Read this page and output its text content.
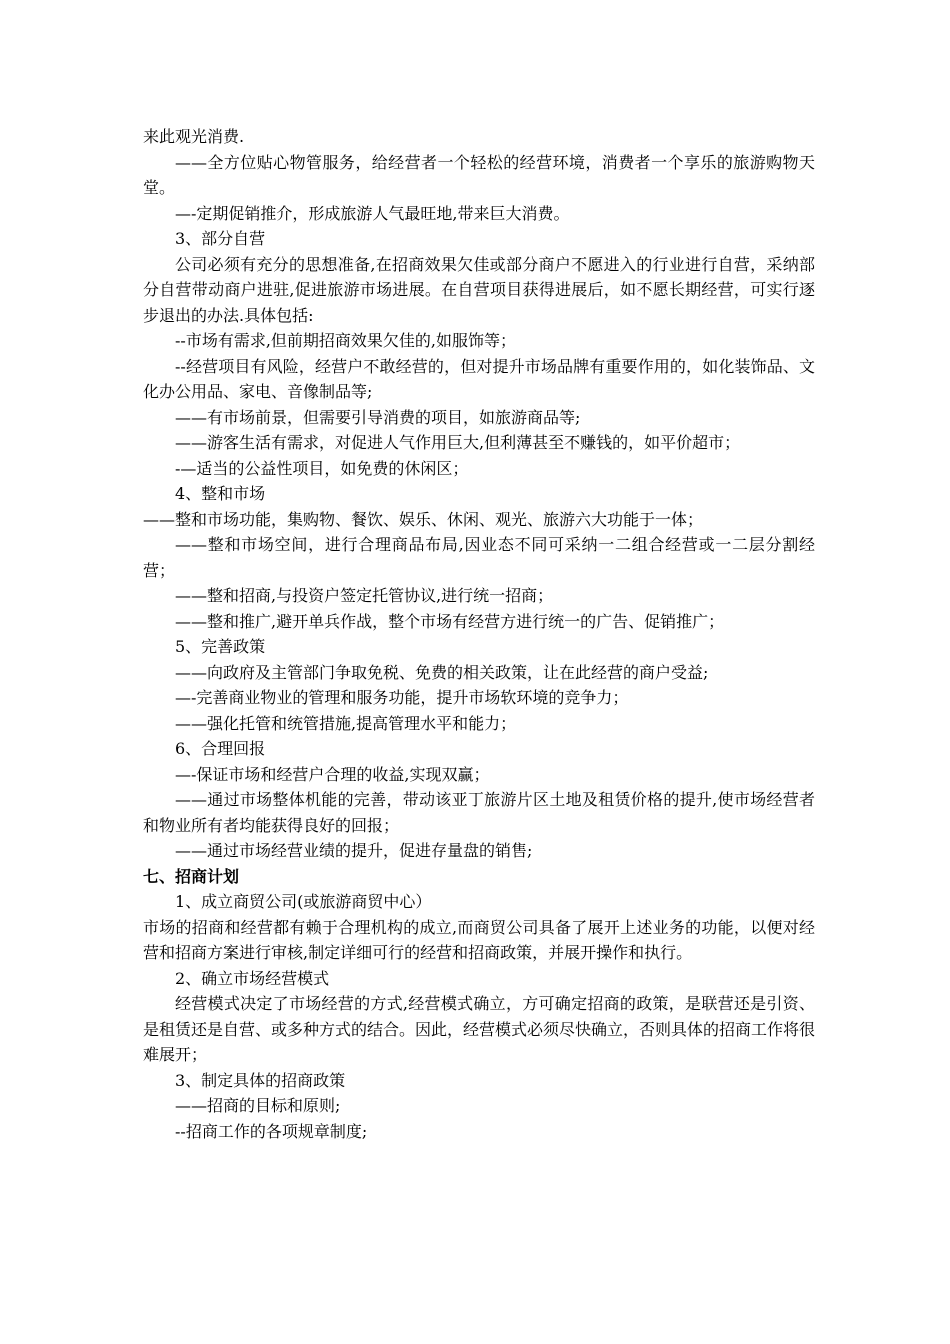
来此观光消费.

——全方位贴心物管服务，给经营者一个轻松的经营环境，消费者一个享乐的旅游购物天堂。

—-定期促销推介，形成旅游人气最旺地,带来巨大消费。

3、部分自营

公司必须有充分的思想准备,在招商效果欠佳或部分商户不愿进入的行业进行自营，采纳部分自营带动商户进驻,促进旅游市场进展。在自营项目获得进展后，如不愿长期经营，可实行逐步退出的办法.具体包括:

--市场有需求,但前期招商效果欠佳的,如服饰等；

--经营项目有风险，经营户不敢经营的，但对提升市场品牌有重要作用的，如化装饰品、文化办公用品、家电、音像制品等;

——有市场前景，但需要引导消费的项目，如旅游商品等;

——游客生活有需求，对促进人气作用巨大,但利薄甚至不赚钱的，如平价超市；

-—适当的公益性项目，如免费的休闲区；

4、整和市场

——整和市场功能，集购物、餐饮、娱乐、休闲、观光、旅游六大功能于一体；

——整和市场空间，进行合理商品布局,因业态不同可采纳一二组合经营或一二层分割经营；

——整和招商,与投资户签定托管协议,进行统一招商；

——整和推广,避开单兵作战，整个市场有经营方进行统一的广告、促销推广；

5、完善政策

——向政府及主管部门争取免税、免费的相关政策，让在此经营的商户受益;

—-完善商业物业的管理和服务功能，提升市场软环境的竞争力；

——强化托管和统管措施,提高管理水平和能力；

6、合理回报

—-保证市场和经营户合理的收益,实现双赢；

——通过市场整体机能的完善，带动该亚丁旅游片区土地及租赁价格的提升,使市场经营者和物业所有者均能获得良好的回报；

——通过市场经营业绩的提升，促进存量盘的销售;

七、招商计划

1、成立商贸公司(或旅游商贸中心）

市场的招商和经营都有赖于合理机构的成立,而商贸公司具备了展开上述业务的功能，以便对经营和招商方案进行审核,制定详细可行的经营和招商政策，并展开操作和执行。

2、确立市场经营模式

经营模式决定了市场经营的方式,经营模式确立，方可确定招商的政策，是联营还是引资、是租赁还是自营、或多种方式的结合。因此，经营模式必须尽快确立，否则具体的招商工作将很难展开；

3、制定具体的招商政策

——招商的目标和原则;

--招商工作的各项规章制度;
